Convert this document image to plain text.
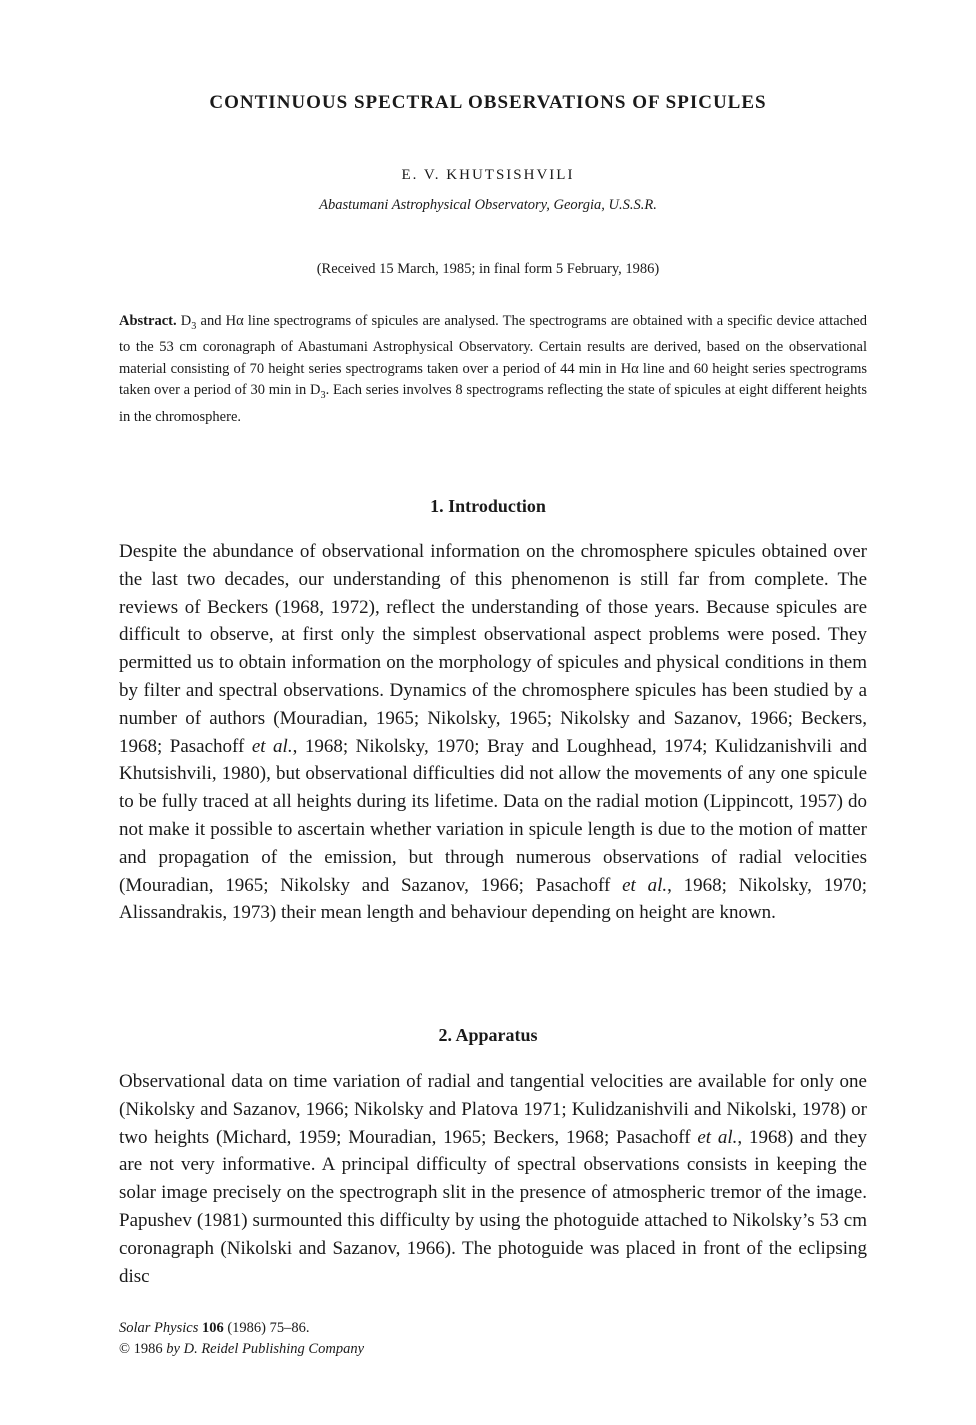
CONTINUOUS SPECTRAL OBSERVATIONS OF SPICULES

E. V. KHUTSISHVILI

Abastumani Astrophysical Observatory, Georgia, U.S.S.R.

(Received 15 March, 1985; in final form 5 February, 1986)

Abstract. $D_3$ and Hα line spectrograms of spicules are analysed. The spectrograms are obtained with a specific device attached to the 53 cm coronagraph of Abastumani Astrophysical Observatory. Certain results are derived, based on the observational material consisting of 70 height series spectrograms taken over a period of 44 min in Hα line and 60 height series spectrograms taken over a period of 30 min in $D_3$. Each series involves 8 spectrograms reflecting the state of spicules at eight different heights in the chromosphere.

1. Introduction

Despite the abundance of observational information on the chromosphere spicules obtained over the last two decades, our understanding of this phenomenon is still far from complete. The reviews of Beckers (1968, 1972), reflect the understanding of those years. Because spicules are difficult to observe, at first only the simplest observational aspect problems were posed. They permitted us to obtain information on the morphology of spicules and physical conditions in them by filter and spectral observations. Dynamics of the chromosphere spicules has been studied by a number of authors (Mouradian, 1965; Nikolsky, 1965; Nikolsky and Sazanov, 1966; Beckers, 1968; Pasachoff et al., 1968; Nikolsky, 1970; Bray and Loughhead, 1974; Kulidzanishvili and Khutsishvili, 1980), but observational difficulties did not allow the movements of any one spicule to be fully traced at all heights during its lifetime. Data on the radial motion (Lippincott, 1957) do not make it possible to ascertain whether variation in spicule length is due to the motion of matter and propagation of the emission, but through numerous observations of radial velocities (Mouradian, 1965; Nikolsky and Sazanov, 1966; Pasachoff et al., 1968; Nikolsky, 1970; Alissandrakis, 1973) their mean length and behaviour depending on height are known.

2. Apparatus

Observational data on time variation of radial and tangential velocities are available for only one (Nikolsky and Sazanov, 1966; Nikolsky and Platova 1971; Kulidzanishvili and Nikolski, 1978) or two heights (Michard, 1959; Mouradian, 1965; Beckers, 1968; Pasachoff et al., 1968) and they are not very informative. A principal difficulty of spectral observations consists in keeping the solar image precisely on the spectrograph slit in the presence of atmospheric tremor of the image. Papushev (1981) surmounted this difficulty by using the photoguide attached to Nikolsky’s 53 cm coronagraph (Nikolski and Sazanov, 1966). The photoguide was placed in front of the eclipsing disc

Solar Physics 106 (1986) 75–86.
© 1986 by D. Reidel Publishing Company
